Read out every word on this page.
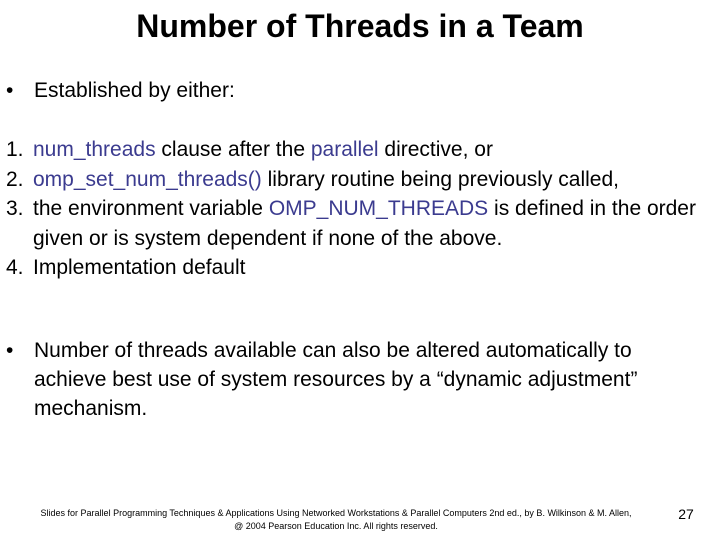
Number of Threads in a Team
• Established by either:
1. num_threads clause after the parallel directive, or
2. omp_set_num_threads() library routine being previously called,
3. the environment variable OMP_NUM_THREADS is defined in the order given or is system dependent if none of the above.
4. Implementation default
• Number of threads available can also be altered automatically to achieve best use of system resources by a “dynamic adjustment” mechanism.
Slides for Parallel Programming Techniques & Applications Using Networked Workstations & Parallel Computers 2nd ed., by B. Wilkinson & M. Allen,
@ 2004 Pearson Education Inc. All rights reserved.
27
